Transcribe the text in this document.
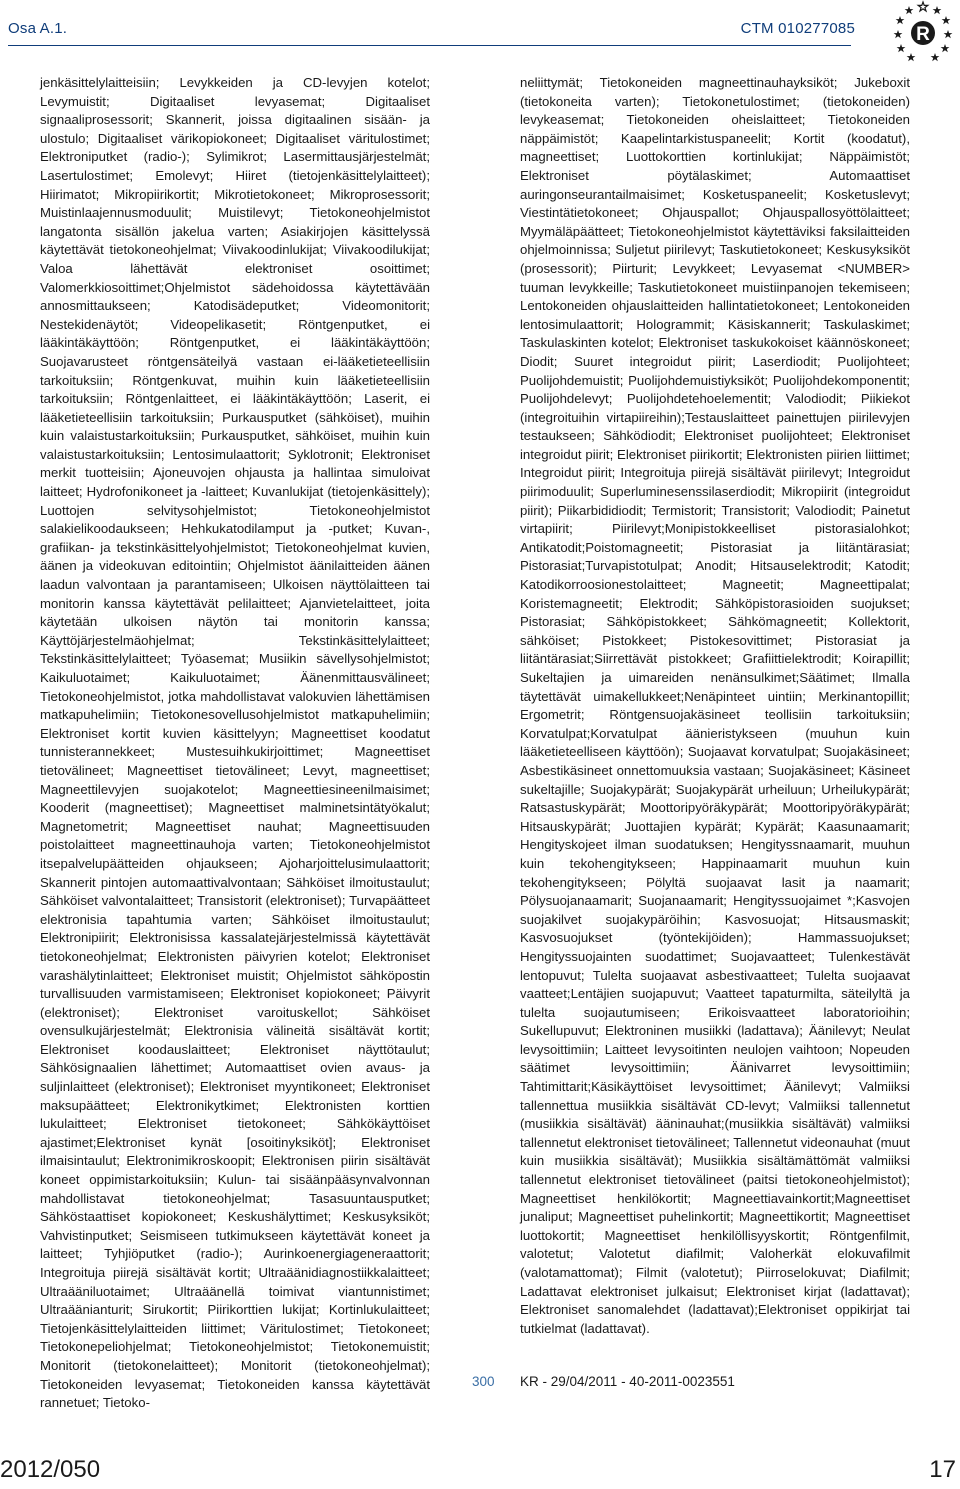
Osa A.1.	CTM 010277085	R
jenkäsittelylaitteisiin; Levykkeiden ja CD-levyjen kotelot; Levymuistit; Digitaaliset levyasemat; Digitaaliset signaaliprosessorit; Skannerit, joissa digitaalinen sisään- ja ulostulo; Digitaaliset värikopiokoneet; Digitaaliset väritulostimet; Elektroniputket (radio-); Sylimikrot; Lasermittausjärjestelmät; Lasertulostimet; Emolevyt; Hiiret (tietojenkäsittelylaitteet); Hiirimatot; Mikropiirikortit; Mikrotietokoneet; Mikroprosessorit; Muistinlaajennusmoduulit; Muistilevyt; Tietokoneohjelmistot langatonta sisällön jakelua varten; Asiakirjojen käsittelyssä käytettävät tietokoneohjelmat; Viivakoodinlukijat; Viivakoodilukijat; Valoa lähettävät elektroniset osoittimet; Valomerkkiosoittimet;Ohjelmistot sädehoidossa käytettävään annosmittaukseen; Katodisädeputket; Videomonitorit; Nestekidenäytöt; Videopelikasetit; Röntgenputket, ei lääkintäkäyttöön; Röntgenputket, ei lääkintäkäyttöön; Suojavarusteet röntgensäteilyä vastaan ei-lääketieteellisiin tarkoituksiin; Röntgenkuvat, muihin kuin lääketieteellisiin tarkoituksiin; Röntgenlaitteet, ei lääkintäkäyttöön; Laserit, ei lääketieteellisiin tarkoituksiin; Purkausputket (sähköiset), muihin kuin valaistustarkoituksiin; Purkausputket, sähköiset, muihin kuin valaistustarkoituksiin; Lentosimulaattorit; Syklotronit; Elektroniset merkit tuotteisiin; Ajoneuvojen ohjausta ja hallintaa simuloivat laitteet; Hydrofonikoneet ja -laitteet; Kuvanlukijat (tietojenkäsittely); Luottojen selvitysohjelmistot; Tietokoneohjelmistot salakielikoodaukseen; Hehkukatodilamput ja -putket; Kuvan-, grafiikan- ja tekstinkäsittelyohjelmistot; Tietokoneohjelmat kuvien, äänen ja videokuvan editointiin; Ohjelmistot äänilaitteiden äänen laadun valvontaan ja parantamiseen; Ulkoisen näyttölaitteen tai monitorin kanssa käytettävät pelilaitteet; Ajanvietelaitteet, joita käytetään ulkoisen näytön tai monitorin kanssa; Käyttöjärjestelmäohjelmat; Tekstinkäsittelylaitteet; Tekstinkäsittelylaitteet; Työasemat; Musiikin sävellysohjelmistot; Kaikuluotaimet; Kaikuluotaimet; Äänenmittausvälineet; Tietokoneohjelmistot, jotka mahdollistavat valokuvien lähettämisen matkapuhelimiin; Tietokonesovellusohjelmistot matkapuhelimiin; Elektroniset kortit kuvien käsittelyyn; Magneettiset koodatut tunnisterannekkeet; Mustesuihkukirjoittimet; Magneettiset tietovälineet; Magneettiset tietovälineet; Levyt, magneettiset; Magneettilevyjen suojakotelot; Magneettiesineenilmaisimet; Kooderit (magneettiset); Magneettiset malminetsintätyökalut; Magnetometrit; Magneettiset nauhat; Magneettisuuden poistolaitteet magneettinauhoja varten; Tietokoneohjelmistot itsepalvelupäätteiden ohjaukseen; Ajoharjoittelusimulaattorit; Skannerit pintojen automaattivalvontaan; Sähköiset ilmoitustaulut; Sähköiset valvontalaitteet; Transistorit (elektroniset); Turvapäätteet elektronisia tapahtumia varten; Sähköiset ilmoitustaulut; Elektronipiirit; Elektronisissa kassalatejärjestelmissä käytettävät tietokoneohjelmat; Elektronisten päivyrien kotelot; Elektroniset varashälytinlaitteet; Elektroniset muistit; Ohjelmistot sähköpostin turvallisuuden varmistamiseen; Elektroniset kopiokoneet; Päivyrit (elektroniset); Elektroniset varoituskellot; Sähköiset ovensulkujärjestelmät; Elektronisia välineitä sisältävät kortit; Elektroniset koodauslaitteet; Elektroniset näyttötaulut; Sähkösignaalien lähettimet; Automaattiset ovien avaus- ja suljinlaitteet (elektroniset); Elektroniset myyntikoneet; Elektroniset maksupäätteet; Elektronikytkimet; Elektronisten korttien lukulaitteet; Elektroniset tietokoneet; Sähkökäyttöiset ajastimet;Elektroniset kynät [osoitinyksiköt]; Elektroniset ilmaisintaulut; Elektronimikroskoopit; Elektronisen piirin sisältävät koneet oppimistarkoituksiin; Kulun- tai sisäänpääsynvalvonnan mahdollistavat tietokoneohjelmat; Tasasuuntausputket; Sähköstaattiset kopiokoneet; Keskushälyttimet; Keskusyksiköt; Vahvistinputket; Seismiseen tutkimukseen käytettävät koneet ja laitteet; Tyhjiöputket (radio-); Aurinkoenergiageneraattorit; Integroituja piirejä sisältävät kortit; Ultraäänidiagnostiikkalaitteet; Ultraääniluotaimet; Ultraäänellä toimivat viantunnistimet; Ultraäänianturit; Sirukortit; Piirikorttien lukijat; Kortinlukulaitteet; Tietojenkäsittelylaitteiden liittimet; Väritulostimet; Tietokoneet; Tietokonepeliohjelmat; Tietokoneohjelmistot; Tietokonemuistit; Monitorit (tietokonelaitteet); Monitorit (tietokoneohjelmat); Tietokoneiden levyasemat; Tietokoneiden kanssa käytettävät rannetuet; Tietoko-
neliittymät; Tietokoneiden magneettinauhayksiköt; Jukeboxit (tietokoneita varten); Tietokonetulostimet; (tietokoneiden) levykeasemat; Tietokoneiden oheislaitteet; Tietokoneiden näppäimistöt; Kaapelintarkistuspaneelit; Kortit (koodatut), magneettiset; Luottokorttien kortinlukijat; Näppäimistöt; Elektroniset pöytälaskimet; Automaattiset auringonseurantailmaisimet; Kosketuspaneelit; Kosketuslevyt; Viestintätietokoneet; Ohjauspallot; Ohjauspallosyöttölaitteet; Myymäläpäätteet; Tietokoneohjelmistot käytettäviksi faksilaitteiden ohjelmoinnissa; Suljetut piirilevyt; Taskutietokoneet; Keskusyksiköt (prosessorit); Piirturit; Levykkeet; Levyasemat <NUMBER> tuuman levykkeille; Taskutietokoneet muistiinpanojen tekemiseen; Lentokoneiden ohjauslaitteiden hallintatietokoneet; Lentokoneiden lentosimulaattorit; Hologrammit; Käsiskannerit; Taskulaskimet; Taskulaskinten kotelot; Elektroniset taskukokoiset käännöskoneet; Diodit; Suuret integroidut piirit; Laserdiodit; Puolijohteet; Puolijohdemuistit; Puolijohdemuistiyksiköt; Puolijohdekomponentit; Puolijohdelevyt; Puolijohdetehoelementit; Valodiodit; Piikiekot (integroituihin virtapiireihin);Testauslaitteet painettujen piirilevyjen testaukseen; Sähködiodit; Elektroniset puolijohteet; Elektroniset integroidut piirit; Elektroniset piirikortit; Elektronisten piirien liittimet; Integroidut piirit; Integroituja piirejä sisältävät piirilevyt; Integroidut piirimoduulit; Superluminesenssilaserdiodit; Mikropiirit (integroidut piirit); Piikarbididiodit; Termistorit; Transistorit; Valodiodit; Painetut virtapiirit; Piirilevyt;Monipistokkeelliset pistorasialohkot; Antikatodit;Poistomagneetit; Pistorasiat ja liitäntärasiat; Pistorasiat;Turvapistotulpat; Anodit; Hitsauselektrodit; Katodit; Katodikorroosionestolaitteet; Magneetit; Magneettipalat; Koristemagneetit; Elektrodit; Sähköpistorasioiden suojukset; Pistorasiat; Sähköpistokkeet; Sähkömagneetit; Kollektorit, sähköiset; Pistokkeet; Pistokesovittimet; Pistorasiat ja liitäntärasiat;Siirrettävät pistokkeet; Grafiittielektrodit; Koirapillit; Sukeltajien ja uimareiden nenänsulkimet;Säätimet; Ilmalla täytettävät uimakellukkeet;Nenäpinteet uintiin; Merkinantopillit; Ergometrit; Röntgensuojakäsineet teollisiin tarkoituksiin; Korvatulpat;Korvatulpat äänieristykseen (muuhun kuin lääketieteelliseen käyttöön); Suojaavat korvatulpat; Suojakäsineet; Asbestikäsineet onnettomuuksia vastaan; Suojakäsineet; Käsineet sukeltajille; Suojakypärät; Suojakypärät urheiluun; Urheilukypärät; Ratsastuskypärät; Moottoripyöräkypärät; Moottoripyöräkypärät; Hitsauskypärät; Juottajien kypärät; Kypärät; Kaasunaamarit; Hengityskojeet ilman suodatuksen; Hengityssnaamarit, muuhun kuin tekohengitykseen; Happinaamarit muuhun kuin tekohengitykseen; Pölyltä suojaavat lasit ja naamarit; Pölysuojanaamarit; Suojanaamarit; Hengityssuojaimet *;Kasvojen suojakilvet suojakypäröihin; Kasvosuojat; Hitsausmaskit; Kasvosuojukset (työntekijöiden); Hammassuojukset; Hengityssuojainten suodattimet; Suojavaatteet; Tulenkestävät lentopuvut; Tulelta suojaavat asbestivaatteet; Tulelta suojaavat vaatteet;Lentäjien suojapuvut; Vaatteet tapaturmilta, säteilyltä ja tulelta suojautumiseen; Erikoisvaatteet laboratorioihin; Sukellupuvut; Elektroninen musiikki (ladattava); Äänilevyt; Neulat levysoittimiin; Laitteet levysoitinten neulojen vaihtoon; Nopeuden säätimet levysoittimiin; Äänivarret levysoittimiin; Tahtimittarit;Käsikäyttöiset levysoittimet; Äänilevyt; Valmiiksi tallennettua musiikkia sisältävät CD-levyt; Valmiiksi tallennetut (musiikkia sisältävät) ääninauhat;(musiikkia sisältävät) valmiiksi tallennetut elektroniset tietovälineet; Tallennetut videonauhat (muut kuin musiikkia sisältävät); Musiikkia sisältämättömät valmiiksi tallennetut elektroniset tietovälineet (paitsi tietokoneohjelmistot); Magneettiset henkilökortit; Magneettiavainkortit;Magneettiset junaliput; Magneettiset puhelinkortit; Magneettikortit; Magneettiset luottokortit; Magneettiset henkilöllisyyskortit; Röntgenfilmit, valotetut; Valotetut diafilmit; Valoherkät elokuvafilmit (valotamattomat); Filmit (valotetut); Piirroselokuvat; Diafilmit; Ladattavat elektroniset julkaisut; Elektroniset kirjat (ladattavat); Elektroniset sanomalehdet (ladattavat);Elektroniset oppikirjat tai tutkielmat (ladattavat).
300	KR - 29/04/2011 - 40-2011-0023551
2012/050	17
